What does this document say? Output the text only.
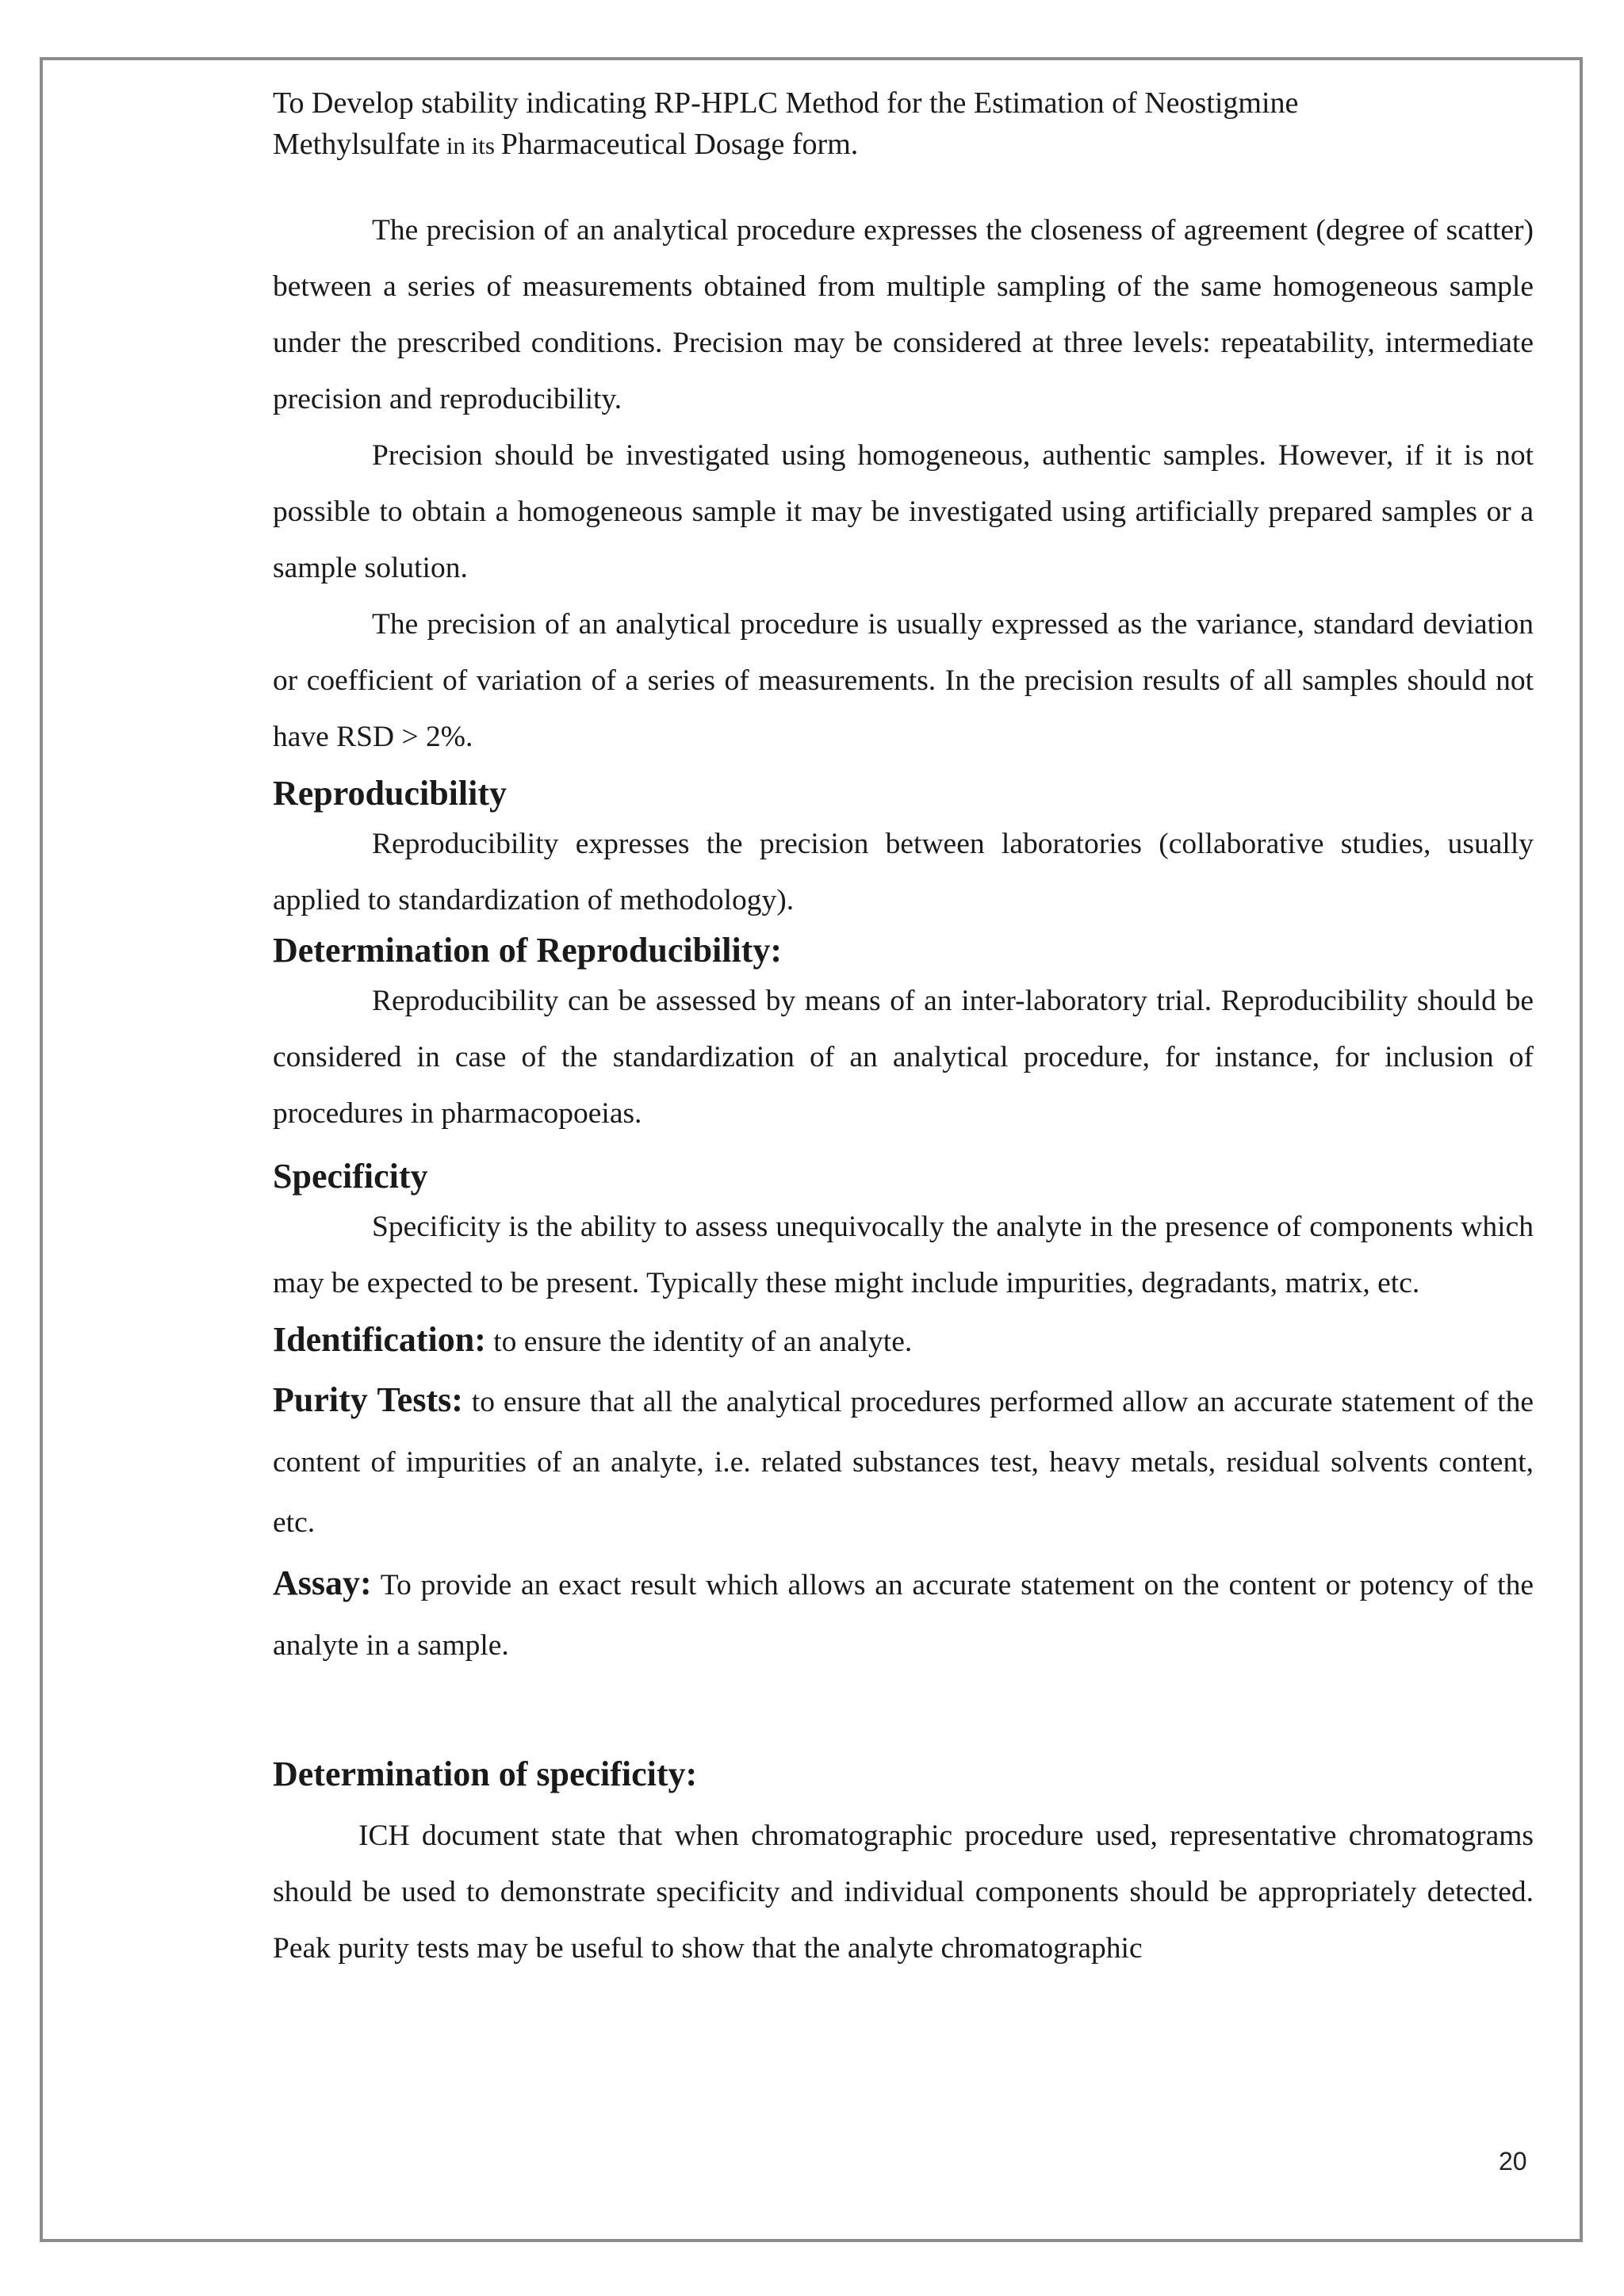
To Develop stability indicating RP-HPLC Method for the Estimation of Neostigmine
Methylsulfate in its Pharmaceutical Dosage form.

The precision of an analytical procedure expresses the closeness of agreement (degree of scatter) between a series of measurements obtained from multiple sampling of the same homogeneous sample under the prescribed conditions. Precision may be considered at three levels: repeatability, intermediate precision and reproducibility.

Precision should be investigated using homogeneous, authentic samples. However, if it is not possible to obtain a homogeneous sample it may be investigated using artificially prepared samples or a sample solution.

The precision of an analytical procedure is usually expressed as the variance, standard deviation or coefficient of variation of a series of measurements. In the precision results of all samples should not have RSD > 2%.

Reproducibility

Reproducibility expresses the precision between laboratories (collaborative studies, usually applied to standardization of methodology).

Determination of Reproducibility:

Reproducibility can be assessed by means of an inter-laboratory trial. Reproducibility should be considered in case of the standardization of an analytical procedure, for instance, for inclusion of procedures in pharmacopoeias.

Specificity

Specificity is the ability to assess unequivocally the analyte in the presence of components which may be expected to be present. Typically these might include impurities, degradants, matrix, etc.

Identification: to ensure the identity of an analyte.

Purity Tests: to ensure that all the analytical procedures performed allow an accurate statement of the content of impurities of an analyte, i.e. related substances test, heavy metals, residual solvents content, etc.

Assay: To provide an exact result which allows an accurate statement on the content or potency of the analyte in a sample.

Determination of specificity:

ICH document state that when chromatographic procedure used, representative chromatograms should be used to demonstrate specificity and individual components should be appropriately detected. Peak purity tests may be useful to show that the analyte chromatographic

20
